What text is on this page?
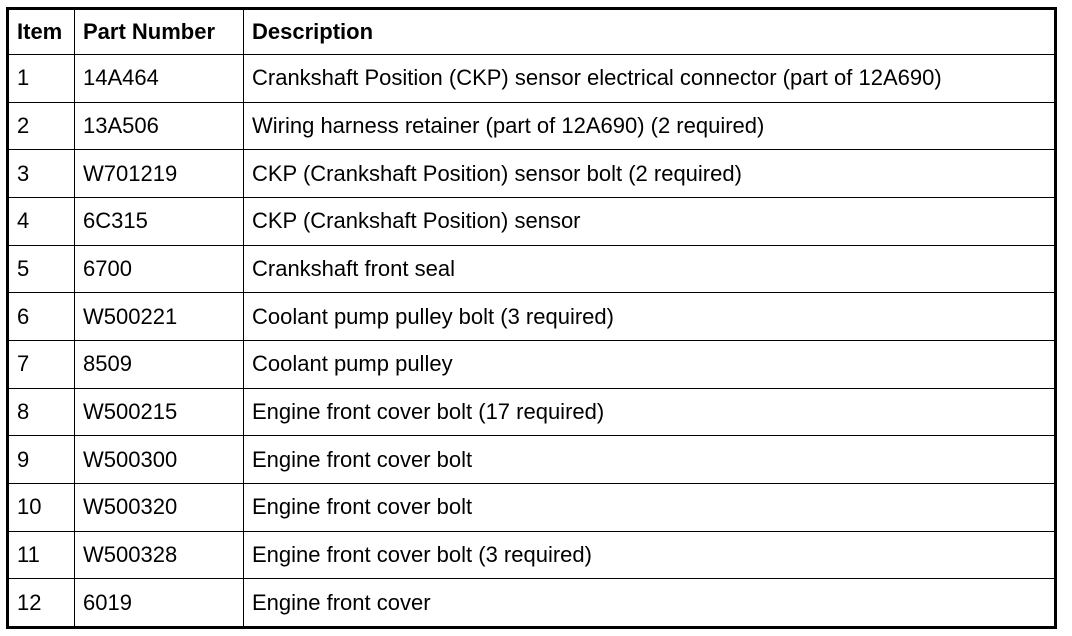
Item	Part Number	Description
1	14A464	Crankshaft Position (CKP) sensor electrical connector (part of 12A690)
2	13A506	Wiring harness retainer (part of 12A690) (2 required)
3	W701219	CKP (Crankshaft Position) sensor bolt (2 required)
4	6C315	CKP (Crankshaft Position) sensor
5	6700	Crankshaft front seal
6	W500221	Coolant pump pulley bolt (3 required)
7	8509	Coolant pump pulley
8	W500215	Engine front cover bolt (17 required)
9	W500300	Engine front cover bolt
10	W500320	Engine front cover bolt
11	W500328	Engine front cover bolt (3 required)
12	6019	Engine front cover
